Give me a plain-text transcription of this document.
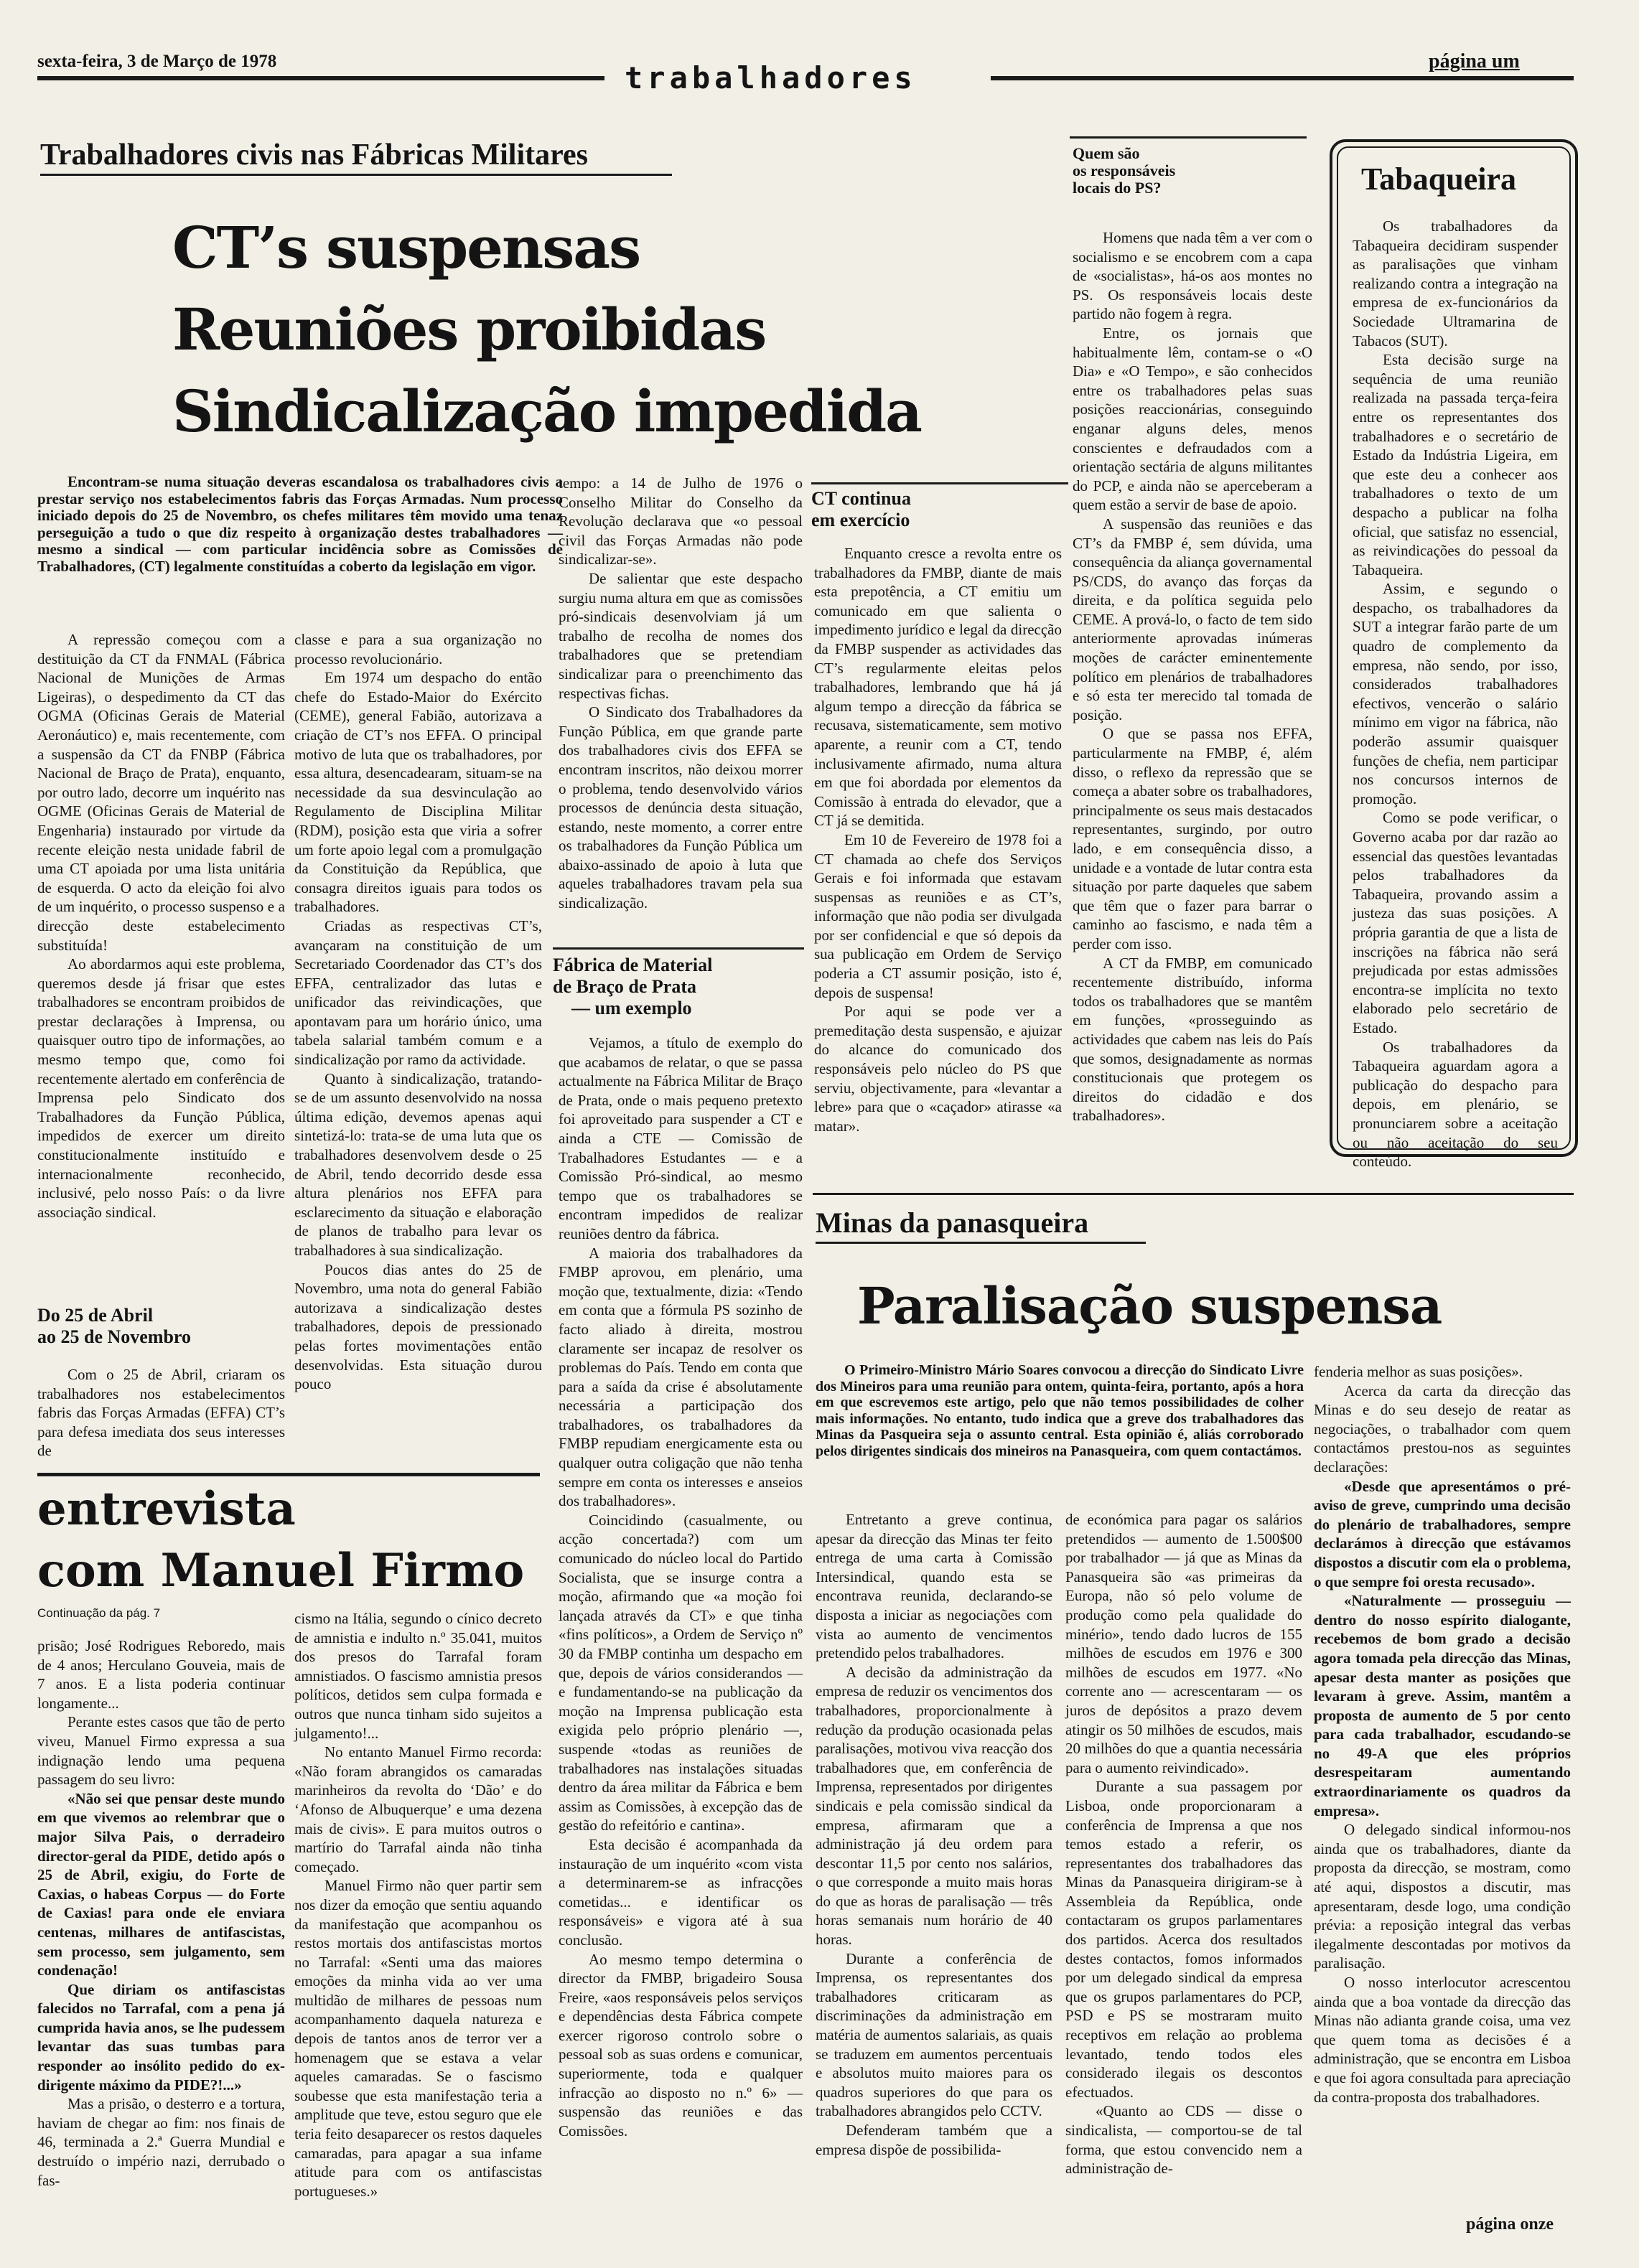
sexta-feira, 3 de Março de 1978	trabalhadores	página um
Trabalhadores civis nas Fábricas Militares
CT’s suspensas
Reuniões proibidas
Sindicalização impedida

Encontram-se numa situação deveras escandalosa os trabalhadores civis a prestar serviço nos estabelecimentos fabris das Forças Armadas. Num processo iniciado depois do 25 de Novembro, os chefes militares têm movido uma tenaz perseguição a tudo o que diz respeito à organização destes trabalhadores — mesmo a sindical — com particular incidência sobre as Comissões de Trabalhadores, (CT) legalmente constituídas a coberto da legislação em vigor.

A repressão começou com a destituição da CT da FNMAL (Fábrica Nacional de Munições de Armas Ligeiras), o despedimento da CT das OGMA (Oficinas Gerais de Material Aeronáutico) e, mais recentemente, com a suspensão da CT da FNBP (Fábrica Nacional de Braço de Prata), enquanto, por outro lado, decorre um inquérito nas OGME (Oficinas Gerais de Material de Engenharia) instaurado por virtude da recente eleição nesta unidade fabril de uma CT apoiada por uma lista unitária de esquerda. O acto da eleição foi alvo de um inquérito, o processo suspenso e a direcção deste estabelecimento substituída!

Ao abordarmos aqui este problema, queremos desde já frisar que estes trabalhadores se encontram proibidos de prestar declarações à Imprensa, ou quaisquer outro tipo de informações, ao mesmo tempo que, como foi recentemente alertado em conferência de Imprensa pelo Sindicato dos Trabalhadores da Função Pública, impedidos de exercer um direito constitucionalmente instituído e internacionalmente reconhecido, inclusivé, pelo nosso País: o da livre associação sindical.

Do 25 de Abril
ao 25 de Novembro

Com o 25 de Abril, criaram os trabalhadores nos estabelecimentos fabris das Forças Armadas (EFFA) CT’s para defesa imediata dos seus interesses de

classe e para a sua organização no processo revolucionário.

Em 1974 um despacho do então chefe do Estado-Maior do Exército (CEME), general Fabião, autorizava a criação de CT’s nos EFFA. O principal motivo de luta que os trabalhadores, por essa altura, desencadearam, situam-se na necessidade da sua desvinculação ao Regulamento de Disciplina Militar (RDM), posição esta que viria a sofrer um forte apoio legal com a promulgação da Constituição da República, que consagra direitos iguais para todos os trabalhadores.

Criadas as respectivas CT’s, avançaram na constituição de um Secretariado Coordenador das CT’s dos EFFA, centralizador das lutas e unificador das reivindicações, que apontavam para um horário único, uma tabela salarial também comum e a sindicalização por ramo da actividade.

Quanto à sindicalização, tratando-se de um assunto desenvolvido na nossa última edição, devemos apenas aqui sintetizá-lo: trata-se de uma luta que os trabalhadores desenvolvem desde o 25 de Abril, tendo decorrido desde essa altura plenários nos EFFA para esclarecimento da situação e elaboração de planos de trabalho para levar os trabalhadores à sua sindicalização.

Poucos dias antes do 25 de Novembro, uma nota do general Fabião autorizava a sindicalização destes trabalhadores, depois de pressionado pelas fortes movimentações então desenvolvidas. Esta situação durou pouco

tempo: a 14 de Julho de 1976 o Conselho Militar do Conselho da Revolução declarava que «o pessoal civil das Forças Armadas não pode sindicalizar-se».

De salientar que este despacho surgiu numa altura em que as comissões pró-sindicais desenvolviam já um trabalho de recolha de nomes dos trabalhadores que se pretendiam sindicalizar para o preenchimento das respectivas fichas.

O Sindicato dos Trabalhadores da Função Pública, em que grande parte dos trabalhadores civis dos EFFA se encontram inscritos, não deixou morrer o problema, tendo desenvolvido vários processos de denúncia desta situação, estando, neste momento, a correr entre os trabalhadores da Função Pública um abaixo-assinado de apoio à luta que aqueles trabalhadores travam pela sua sindicalização.

Fábrica de Material
de Braço de Prata
— um exemplo

Vejamos, a título de exemplo do que acabamos de relatar, o que se passa actualmente na Fábrica Militar de Braço de Prata, onde o mais pequeno pretexto foi aproveitado para suspender a CT e ainda a CTE — Comissão de Trabalhadores Estudantes — e a Comissão Pró-sindical, ao mesmo tempo que os trabalhadores se encontram impedidos de realizar reuniões dentro da fábrica.

A maioria dos trabalhadores da FMBP aprovou, em plenário, uma moção que, textualmente, dizia: «Tendo em conta que a fórmula PS sozinho de facto aliado à direita, mostrou claramente ser incapaz de resolver os problemas do País. Tendo em conta que para a saída da crise é absolutamente necessária a participação dos trabalhadores, os trabalhadores da FMBP repudiam energicamente esta ou qualquer outra coligação que não tenha sempre em conta os interesses e anseios dos trabalhadores».

Coincidindo (casualmente, ou acção concertada?) com um comunicado do núcleo local do Partido Socialista, que se insurge contra a moção, afirmando que «a moção foi lançada através da CT» e que tinha «fins políticos», a Ordem de Serviço nº 30 da FMBP continha um despacho em que, depois de vários considerandos — e fundamentando-se na publicação da moção na Imprensa publicação esta exigida pelo próprio plenário —, suspende «todas as reuniões de trabalhadores nas instalações situadas dentro da área militar da Fábrica e bem assim as Comissões, à excepção das de gestão do refeitório e cantina».

Esta decisão é acompanhada da instauração de um inquérito «com vista a determinarem-se as infracções cometidas... e identificar os responsáveis» e vigora até à sua conclusão.

Ao mesmo tempo determina o director da FMBP, brigadeiro Sousa Freire, «aos responsáveis pelos serviços e dependências desta Fábrica compete exercer rigoroso controlo sobre o pessoal sob as suas ordens e comunicar, superiormente, toda e qualquer infracção ao disposto no n.º 6» — suspensão das reuniões e das Comissões.

CT continua
em exercício

Enquanto cresce a revolta entre os trabalhadores da FMBP, diante de mais esta prepotência, a CT emitiu um comunicado em que salienta o impedimento jurídico e legal da direcção da FMBP suspender as actividades das CT’s regularmente eleitas pelos trabalhadores, lembrando que há já algum tempo a direcção da fábrica se recusava, sistematicamente, sem motivo aparente, a reunir com a CT, tendo inclusivamente afirmado, numa altura em que foi abordada por elementos da Comissão à entrada do elevador, que a CT já se demitida.

Em 10 de Fevereiro de 1978 foi a CT chamada ao chefe dos Serviços Gerais e foi informada que estavam suspensas as reuniões e as CT’s, informação que não podia ser divulgada por ser confidencial e que só depois da sua publicação em Ordem de Serviço poderia a CT assumir posição, isto é, depois de suspensa!

Por aqui se pode ver a premeditação desta suspensão, e ajuizar do alcance do comunicado dos responsáveis pelo núcleo do PS que serviu, objectivamente, para «levantar a lebre» para que o «caçador» atirasse «a matar».

Quem são
os responsáveis
locais do PS?

Homens que nada têm a ver com o socialismo e se encobrem com a capa de «socialistas», há-os aos montes no PS. Os responsáveis locais deste partido não fogem à regra.

Entre, os jornais que habitualmente lêm, contam-se o «O Dia» e «O Tempo», e são conhecidos entre os trabalhadores pelas suas posições reaccionárias, conseguindo enganar alguns deles, menos conscientes e defraudados com a orientação sectária de alguns militantes do PCP, e ainda não se aperceberam a quem estão a servir de base de apoio.

A suspensão das reuniões e das CT’s da FMBP é, sem dúvida, uma consequência da aliança governamental PS/CDS, do avanço das forças da direita, e da política seguida pelo CEME. A prová-lo, o facto de tem sido anteriormente aprovadas inúmeras moções de carácter eminentemente político em plenários de trabalhadores e só esta ter merecido tal tomada de posição.

O que se passa nos EFFA, particularmente na FMBP, é, além disso, o reflexo da repressão que se começa a abater sobre os trabalhadores, principalmente os seus mais destacados representantes, surgindo, por outro lado, e em consequência disso, a unidade e a vontade de lutar contra esta situação por parte daqueles que sabem que têm que o fazer para barrar o caminho ao fascismo, e nada têm a perder com isso.

A CT da FMBP, em comunicado recentemente distribuído, informa todos os trabalhadores que se mantêm em funções, «prosseguindo as actividades que cabem nas leis do País que somos, designadamente as normas constitucionais que protegem os direitos do cidadão e dos trabalhadores».

Tabaqueira

Os trabalhadores da Tabaqueira decidiram suspender as paralisações que vinham realizando contra a integração na empresa de ex-funcionários da Sociedade Ultramarina de Tabacos (SUT).

Esta decisão surge na sequência de uma reunião realizada na passada terça-feira entre os representantes dos trabalhadores e o secretário de Estado da Indústria Ligeira, em que este deu a conhecer aos trabalhadores o texto de um despacho a publicar na folha oficial, que satisfaz no essencial, as reivindicações do pessoal da Tabaqueira.

Assim, e segundo o despacho, os trabalhadores da SUT a integrar farão parte de um quadro de complemento da empresa, não sendo, por isso, considerados trabalhadores efectivos, vencerão o salário mínimo em vigor na fábrica, não poderão assumir quaisquer funções de chefia, nem participar nos concursos internos de promoção.

Como se pode verificar, o Governo acaba por dar razão ao essencial das questões levantadas pelos trabalhadores da Tabaqueira, provando assim a justeza das suas posições. A própria garantia de que a lista de inscrições na fábrica não será prejudicada por estas admissões encontra-se implícita no texto elaborado pelo secretário de Estado.

Os trabalhadores da Tabaqueira aguardam agora a publicação do despacho para depois, em plenário, se pronunciarem sobre a aceitação ou não aceitação do seu conteúdo.

entrevista
com Manuel Firmo
Continuação da pág. 7

prisão; José Rodrigues Reboredo, mais de 4 anos; Herculano Gouveia, mais de 7 anos. E a lista poderia continuar longamente...

Perante estes casos que tão de perto viveu, Manuel Firmo expressa a sua indignação lendo uma pequena passagem do seu livro:

«Não sei que pensar deste mundo em que vivemos ao relembrar que o major Silva Pais, o derradeiro director-geral da PIDE, detido após o 25 de Abril, exigiu, do Forte de Caxias, o habeas Corpus — do Forte de Caxias! para onde ele enviara centenas, milhares de antifascistas, sem processo, sem julgamento, sem condenação!

Que diriam os antifascistas falecidos no Tarrafal, com a pena já cumprida havia anos, se lhe pudessem levantar das suas tumbas para responder ao insólito pedido do ex-dirigente máximo da PIDE?!...»

Mas a prisão, o desterro e a tortura, haviam de chegar ao fim: nos finais de 46, terminada a 2.ª Guerra Mundial e destruído o império nazi, derrubado o fas-

cismo na Itália, segundo o cínico decreto de amnistia e indulto n.º 35.041, muitos dos presos do Tarrafal foram amnistiados. O fascismo amnistia presos políticos, detidos sem culpa formada e outros que nunca tinham sido sujeitos a julgamento!...

No entanto Manuel Firmo recorda: «Não foram abrangidos os camaradas marinheiros da revolta do ‘Dão’ e do ‘Afonso de Albuquerque’ e uma dezena mais de civis». E para muitos outros o martírio do Tarrafal ainda não tinha começado.

Manuel Firmo não quer partir sem nos dizer da emoção que sentiu aquando da manifestação que acompanhou os restos mortais dos antifascistas mortos no Tarrafal: «Senti uma das maiores emoções da minha vida ao ver uma multidão de milhares de pessoas num acompanhamento daquela natureza e depois de tantos anos de terror ver a homenagem que se estava a velar aqueles camaradas. Se o fascismo soubesse que esta manifestação teria a amplitude que teve, estou seguro que ele teria feito desaparecer os restos daqueles camaradas, para apagar a sua infame atitude para com os antifascistas portugueses.»

Minas da panasqueira
Paralisação suspensa

O Primeiro-Ministro Mário Soares convocou a direcção do Sindicato Livre dos Mineiros para uma reunião para ontem, quinta-feira, portanto, após a hora em que escrevemos este artigo, pelo que não temos possibilidades de colher mais informações. No entanto, tudo indica que a greve dos trabalhadores das Minas da Pasqueira seja o assunto central. Esta opinião é, aliás corroborado pelos dirigentes sindicais dos mineiros na Panasqueira, com quem contactámos.

Entretanto a greve continua, apesar da direcção das Minas ter feito entrega de uma carta à Comissão Intersindical, quando esta se encontrava reunida, declarando-se disposta a iniciar as negociações com vista ao aumento de vencimentos pretendido pelos trabalhadores.

A decisão da administração da empresa de reduzir os vencimentos dos trabalhadores, proporcionalmente à redução da produção ocasionada pelas paralisações, motivou viva reacção dos trabalhadores que, em conferência de Imprensa, representados por dirigentes sindicais e pela comissão sindical da empresa, afirmaram que a administração já deu ordem para descontar 11,5 por cento nos salários, o que corresponde a muito mais horas do que as horas de paralisação — três horas semanais num horário de 40 horas.

Durante a conferência de Imprensa, os representantes dos trabalhadores criticaram as discriminações da administração em matéria de aumentos salariais, as quais se traduzem em aumentos percentuais e absolutos muito maiores para os quadros superiores do que para os trabalhadores abrangidos pelo CCTV.

Defenderam também que a empresa dispõe de possibilida-

de económica para pagar os salários pretendidos — aumento de 1.500$00 por trabalhador — já que as Minas da Panasqueira são «as primeiras da Europa, não só pelo volume de produção como pela qualidade do minério», tendo dado lucros de 155 milhões de escudos em 1976 e 300 milhões de escudos em 1977. «No corrente ano — acrescentaram — os juros de depósitos a prazo devem atingir os 50 milhões de escudos, mais 20 milhões do que a quantia necessária para o aumento reivindicado».

Durante a sua passagem por Lisboa, onde proporcionaram a conferência de Imprensa a que nos temos estado a referir, os representantes dos trabalhadores das Minas da Panasqueira dirigiram-se à Assembleia da República, onde contactaram os grupos parlamentares dos partidos. Acerca dos resultados destes contactos, fomos informados por um delegado sindical da empresa que os grupos parlamentares do PCP, PSD e PS se mostraram muito receptivos em relação ao problema levantado, tendo todos eles considerado ilegais os descontos efectuados.

«Quanto ao CDS — disse o sindicalista, — comportou-se de tal forma, que estou convencido nem a administração de-

fenderia melhor as suas posições».

Acerca da carta da direcção das Minas e do seu desejo de reatar as negociações, o trabalhador com quem contactámos prestou-nos as seguintes declarações:

«Desde que apresentámos o pré-aviso de greve, cumprindo uma decisão do plenário de trabalhadores, sempre declarámos à direcção que estávamos dispostos a discutir com ela o problema, o que sempre foi oresta recusado».

«Naturalmente — prosseguiu — dentro do nosso espírito dialogante, recebemos de bom grado a decisão agora tomada pela direcção das Minas, apesar desta manter as posições que levaram à greve. Assim, mantêm a proposta de aumento de 5 por cento para cada trabalhador, escudando-se no 49-A que eles próprios desrespeitaram aumentando extraordinariamente os quadros da empresa».

O delegado sindical informou-nos ainda que os trabalhadores, diante da proposta da direcção, se mostram, como até aqui, dispostos a discutir, mas apresentaram, desde logo, uma condição prévia: a reposição integral das verbas ilegalmente descontadas por motivos da paralisação.

O nosso interlocutor acrescentou ainda que a boa vontade da direcção das Minas não adianta grande coisa, uma vez que quem toma as decisões é a administração, que se encontra em Lisboa e que foi agora consultada para apreciação da contra-proposta dos trabalhadores.

página onze
